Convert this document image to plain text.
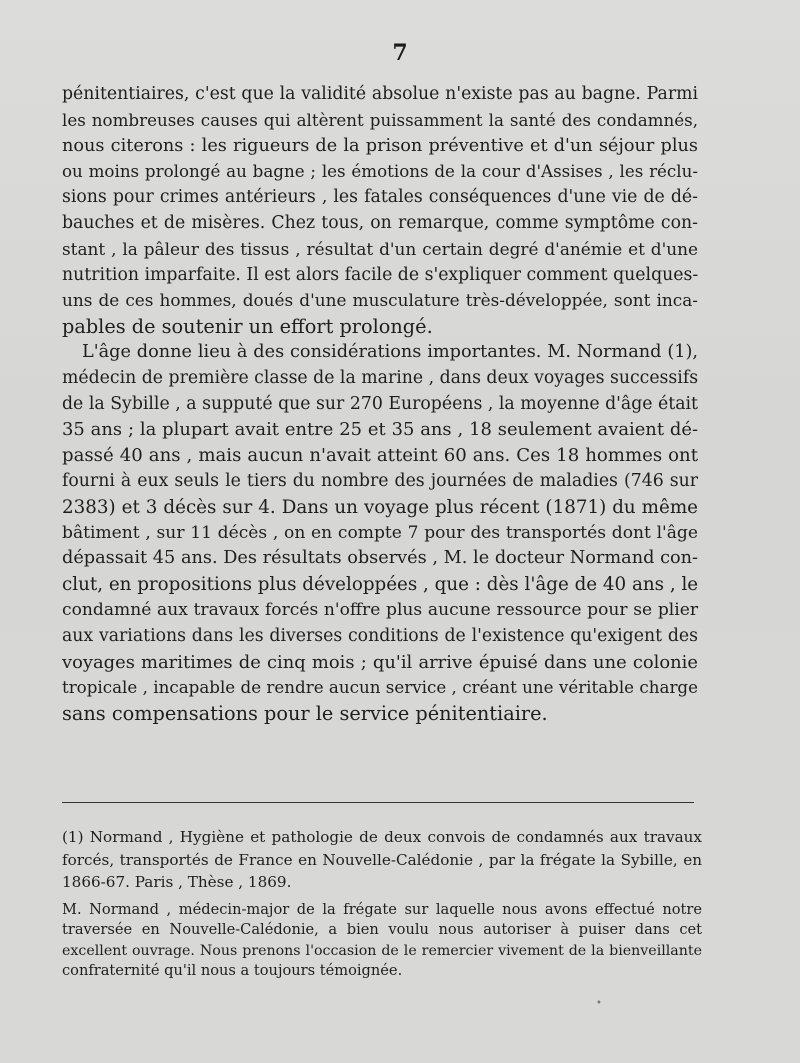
7
pénitentiaires, c'est que la validité absolue n'existe pas au bagne. Parmi
les nombreuses causes qui altèrent puissamment la santé des condamnés,
nous citerons : les rigueurs de la prison préventive et d'un séjour plus
ou moins prolongé au bagne ; les émotions de la cour d'Assises , les réclu-
sions pour crimes antérieurs , les fatales conséquences d'une vie de dé-
bauches et de misères. Chez tous, on remarque, comme symptôme con-
stant , la pâleur des tissus , résultat d'un certain degré d'anémie et d'une
nutrition imparfaite. Il est alors facile de s'expliquer comment quelques-
uns de ces hommes, doués d'une musculature très-développée, sont inca-
pables de soutenir un effort prolongé.
L'âge donne lieu à des considérations importantes. M. Normand (1),
médecin de première classe de la marine , dans deux voyages successifs
de la Sybille , a supputé que sur 270 Européens , la moyenne d'âge était
35 ans ; la plupart avait entre 25 et 35 ans , 18 seulement avaient dé-
passé 40 ans , mais aucun n'avait atteint 60 ans. Ces 18 hommes ont
fourni à eux seuls le tiers du nombre des journées de maladies (746 sur
2383) et 3 décès sur 4. Dans un voyage plus récent (1871) du même
bâtiment , sur 11 décès , on en compte 7 pour des transportés dont l'âge
dépassait 45 ans. Des résultats observés , M. le docteur Normand con-
clut, en propositions plus développées , que : dès l'âge de 40 ans , le
condamné aux travaux forcés n'offre plus aucune ressource pour se plier
aux variations dans les diverses conditions de l'existence qu'exigent des
voyages maritimes de cinq mois ; qu'il arrive épuisé dans une colonie
tropicale , incapable de rendre aucun service , créant une véritable charge
sans compensations pour le service pénitentiaire.
(1) Normand , Hygiène et pathologie de deux convois de condamnés aux travaux
forcés, transportés de France en Nouvelle-Calédonie , par la frégate la Sybille, en
1866-67. Paris , Thèse , 1869.
M. Normand , médecin-major de la frégate sur laquelle nous avons effectué notre
traversée en Nouvelle-Calédonie, a bien voulu nous autoriser à puiser dans cet
excellent ouvrage. Nous prenons l'occasion de le remercier vivement de la bienveillante
confraternité qu'il nous a toujours témoignée.
•
